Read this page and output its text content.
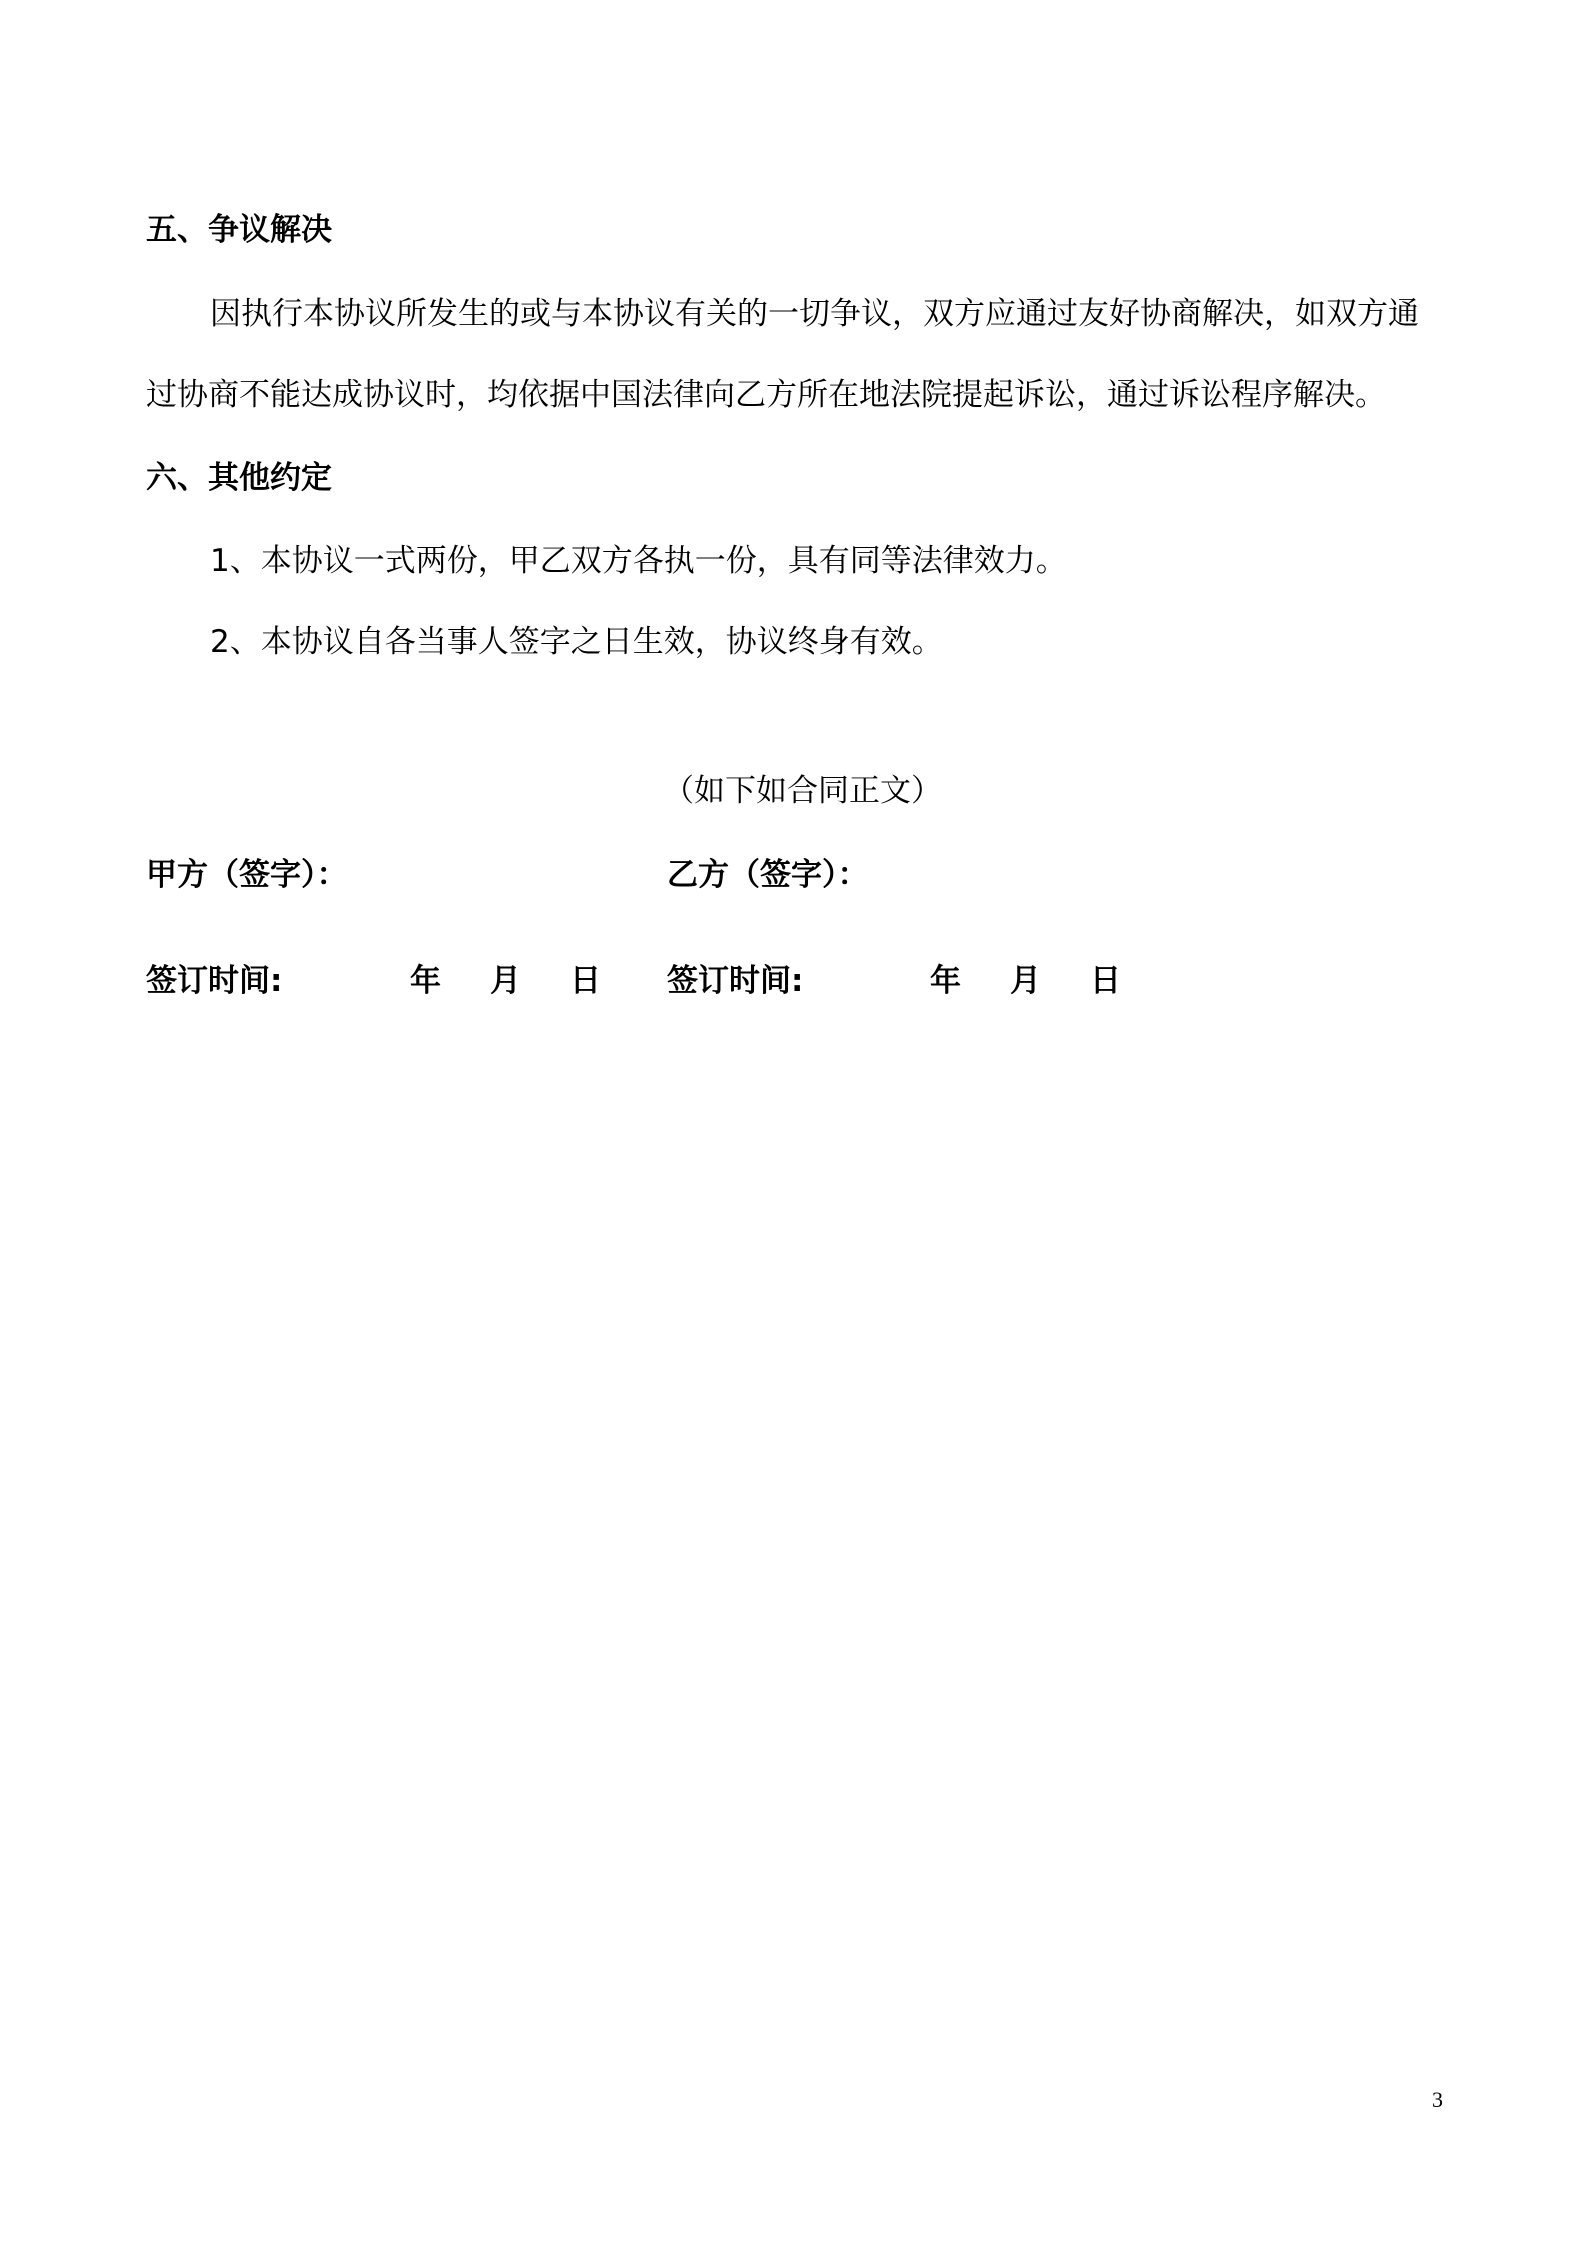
五、争议解决
因执行本协议所发生的或与本协议有关的一切争议，双方应通过友好协商解决，如双方通
过协商不能达成协议时，均依据中国法律向乙方所在地法院提起诉讼，通过诉讼程序解决。
六、其他约定
1、本协议一式两份，甲乙双方各执一份，具有同等法律效力。
2、本协议自各当事人签字之日生效，协议终身有效。
（如下如合同正文）
甲方（签字）：	乙方（签字）：
签订时间:	年 月 日 签订时间:	年 月 日
3
